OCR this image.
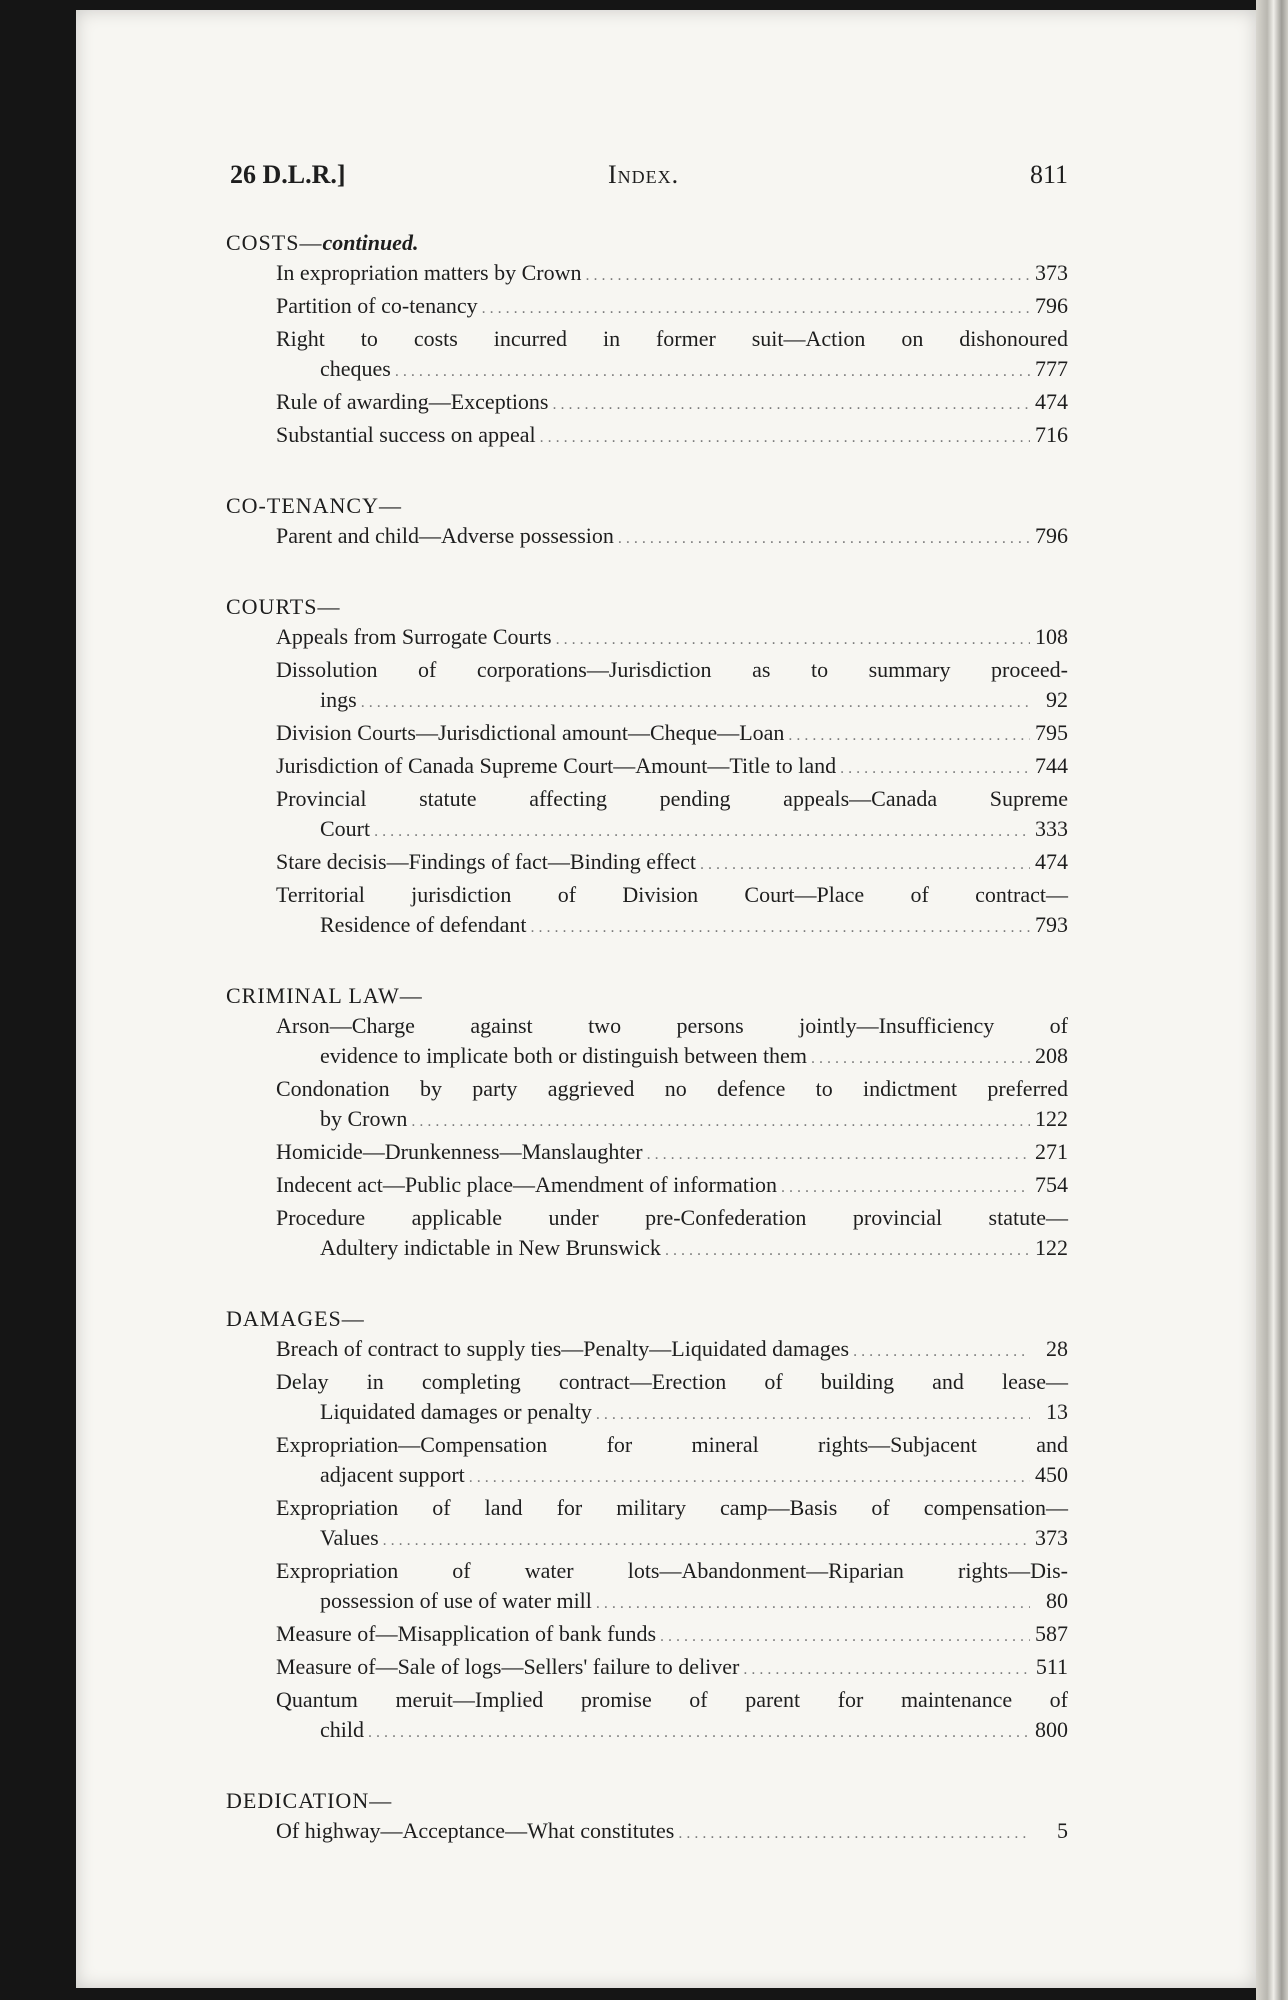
26 D.L.R.]	Index.	811
COSTS—continued.
In expropriation matters by Crown . . .	373
Partition of co-tenancy . . .	796
Right to costs incurred in former suit—Action on dishonoured
cheques . . .	777
Rule of awarding—Exceptions . . .	474
Substantial success on appeal . . .	716
CO-TENANCY—
Parent and child—Adverse possession . . .	796
COURTS—
Appeals from Surrogate Courts . . .	108
Dissolution of corporations—Jurisdiction as to summary proceed-
ings . . .	92
Division Courts—Jurisdictional amount—Cheque—Loan . . .	795
Jurisdiction of Canada Supreme Court—Amount—Title to land . . .	744
Provincial statute affecting pending appeals—Canada Supreme
Court . . .	333
Stare decisis—Findings of fact—Binding effect . . .	474
Territorial jurisdiction of Division Court—Place of contract—
Residence of defendant . . .	793
CRIMINAL LAW—
Arson—Charge against two persons jointly—Insufficiency of
evidence to implicate both or distinguish between them . . .	208
Condonation by party aggrieved no defence to indictment preferred
by Crown . . .	122
Homicide—Drunkenness—Manslaughter . . .	271
Indecent act—Public place—Amendment of information . . .	754
Procedure applicable under pre-Confederation provincial statute—
Adultery indictable in New Brunswick . . .	122
DAMAGES—
Breach of contract to supply ties—Penalty—Liquidated damages . . .	28
Delay in completing contract—Erection of building and lease—
Liquidated damages or penalty . . .	13
Expropriation—Compensation for mineral rights—Subjacent and
adjacent support . . .	450
Expropriation of land for military camp—Basis of compensation—
Values . . .	373
Expropriation of water lots—Abandonment—Riparian rights—Dis-
possession of use of water mill . . .	80
Measure of—Misapplication of bank funds . . .	587
Measure of—Sale of logs—Sellers' failure to deliver . . .	511
Quantum meruit—Implied promise of parent for maintenance of
child . . .	800
DEDICATION—
Of highway—Acceptance—What constitutes . . .	5
